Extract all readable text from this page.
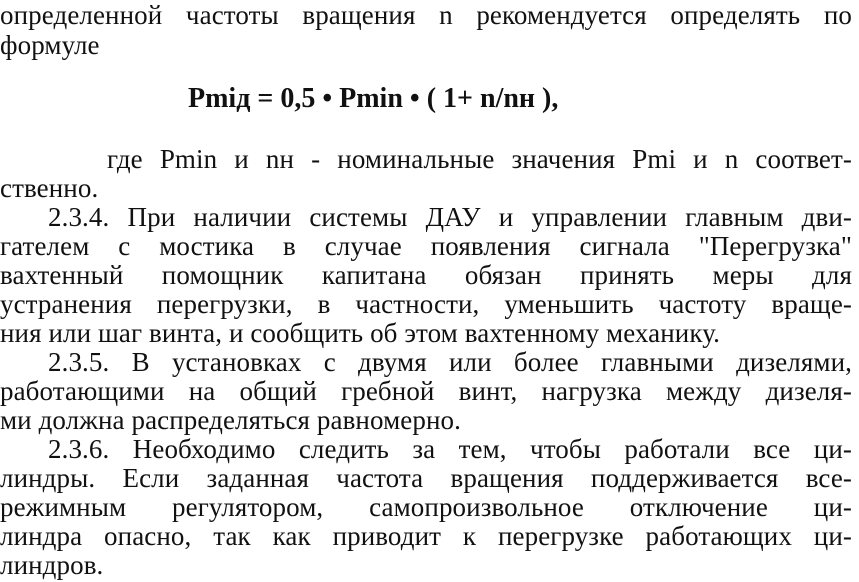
определенной частоты вращения n рекомендуется определять по
формуле
Pmiд = 0,5 • Pmin • ( 1+ n/nн ),
где Pmin и nн - номинальные значения Pmi и n соответ-
ственно.
2.3.4. При наличии системы ДАУ и управлении главным дви-
гателем с мостика в случае появления сигнала "Перегрузка"
вахтенный помощник капитана обязан принять меры для
устранения перегрузки, в частности, уменьшить частоту враще-
ния или шаг винта, и сообщить об этом вахтенному механику.
2.3.5. В установках с двумя или более главными дизелями,
работающими на общий гребной винт, нагрузка между дизеля-
ми должна распределяться равномерно.
2.3.6. Необходимо следить за тем, чтобы работали все ци-
линдры. Если заданная частота вращения поддерживается все-
режимным регулятором, самопроизвольное отключение ци-
линдра опасно, так как приводит к перегрузке работающих ци-
линдров.
